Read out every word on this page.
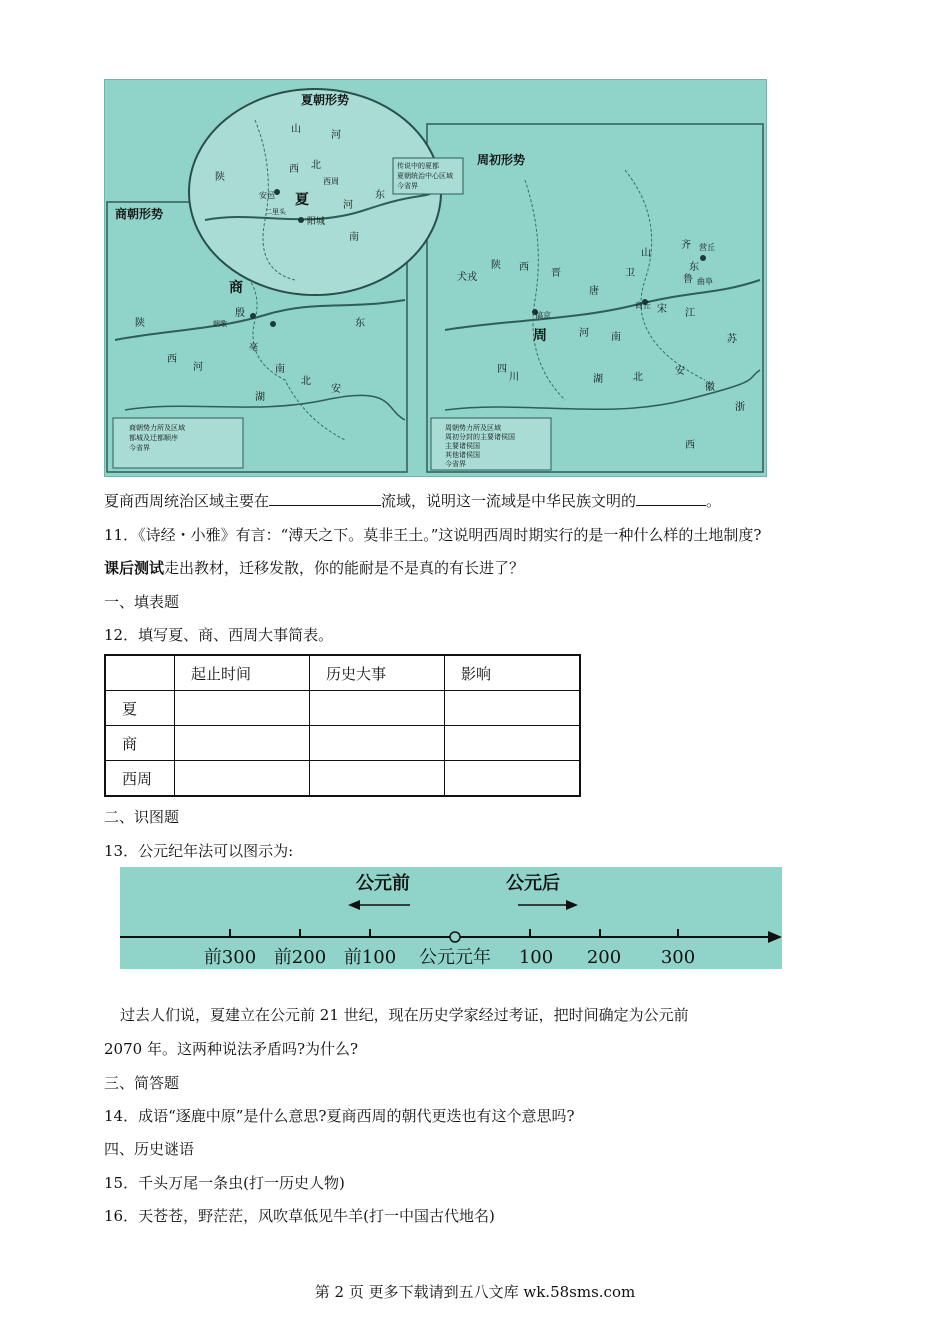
夏朝形势
商朝形势
周初形势
山
河
陕
北
西
西周
安邑 夏
阳城
二里头
河
南
东
传说中的夏都
夏朝统治中心区域
今省界
商
殷
亳
朝歌
陕
西
河	南
湖
北
安
东
商朝势力所及区域
都城及迁都顺序
今省界
周
镐京
犬戎
陕 西
晋
唐
卫
山
东
齐 营丘
鲁 曲阜
商丘 宋
河 南
北
湖
江
苏
安
徽
浙
西
四
川
周朝势力所及区域
周初分封的主要诸侯国
主要诸侯国
其他诸侯国
今省界
夏商西周统治区域主要在	流域，说明这一流域是中华民族文明的	。
11．《诗经・小雅》有言：“溥天之下。莫非王土。”这说明西周时期实行的是一种什么样的土地制度?
课后测试走出教材，迁移发散，你的能耐是不是真的有长进了？
一、填表题
12．填写夏、商、西周大事简表。
	起止时间	历史大事	影响
夏			
商			
西周			
二、识图题
13．公元纪年法可以图示为:
公元前	公元后
前300 前200 前100 公元元年 100 200 300
过去人们说，夏建立在公元前 21 世纪，现在历史学家经过考证，把时间确定为公元前
2070 年。这两种说法矛盾吗?为什么?
三、简答题
14．成语“逐鹿中原”是什么意思?夏商西周的朝代更迭也有这个意思吗?
四、历史谜语
15．千头万尾一条虫(打一历史人物)
16．天苍苍，野茫茫，风吹草低见牛羊(打一中国古代地名)
第 2 页 更多下载请到五八文库 wk.58sms.com
